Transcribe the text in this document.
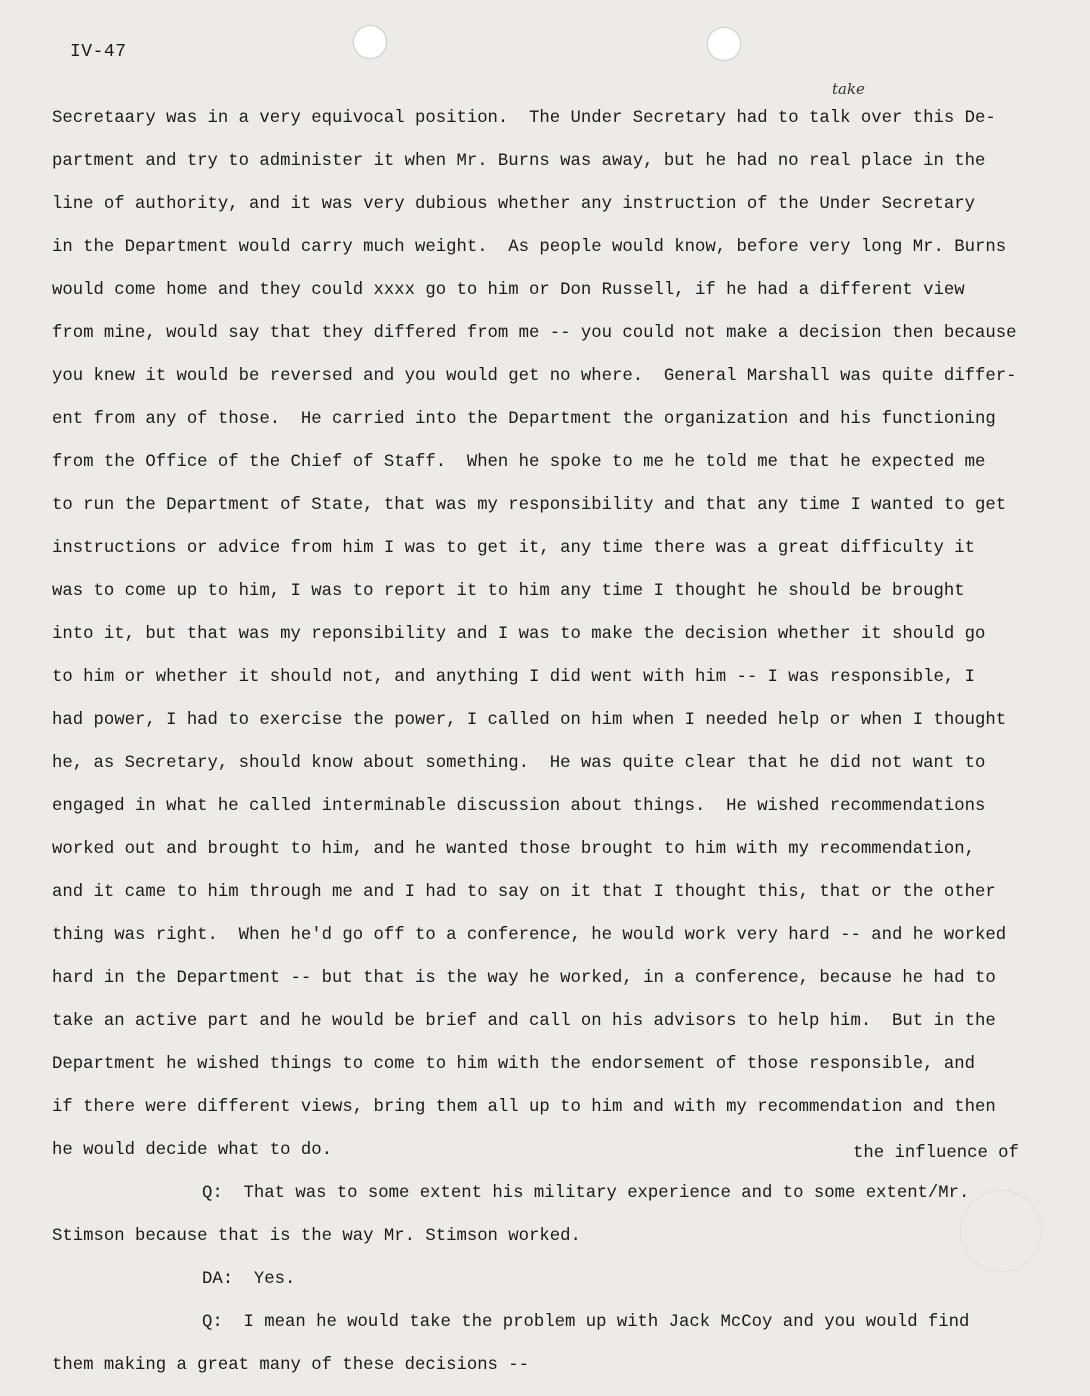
IV-47
take
Secretaary was in a very equivocal position.  The Under Secretary had to talk over this De-
partment and try to administer it when Mr. Burns was away, but he had no real place in the
line of authority, and it was very dubious whether any instruction of the Under Secretary
in the Department would carry much weight.  As people would know, before very long Mr. Burns
would come home and they could xxxx go to him or Don Russell, if he had a different view
from mine, would say that they differed from me -- you could not make a decision then because
you knew it would be reversed and you would get no where.  General Marshall was quite differ-
ent from any of those.  He carried into the Department the organization and his functioning
from the Office of the Chief of Staff.  When he spoke to me he told me that he expected me
to run the Department of State, that was my responsibility and that any time I wanted to get
instructions or advice from him I was to get it, any time there was a great difficulty it
was to come up to him, I was to report it to him any time I thought he should be brought
into it, but that was my reponsibility and I was to make the decision whether it should go
to him or whether it should not, and anything I did went with him -- I was responsible, I
had power, I had to exercise the power, I called on him when I needed help or when I thought
he, as Secretary, should know about something.  He was quite clear that he did not want to
engaged in what he called interminable discussion about things.  He wished recommendations
worked out and brought to him, and he wanted those brought to him with my recommendation,
and it came to him through me and I had to say on it that I thought this, that or the other
thing was right.  When he'd go off to a conference, he would work very hard -- and he worked
hard in the Department -- but that is the way he worked, in a conference, because he had to
take an active part and he would be brief and call on his advisors to help him.  But in the
Department he wished things to come to him with the endorsement of those responsible, and
if there were different views, bring them all up to him and with my recommendation and then
he would decide what to do.
Q:  That was to some extent his military experience and to some extent/Mr.
Stimson because that is the way Mr. Stimson worked.
DA:  Yes.
Q:  I mean he would take the problem up with Jack McCoy and you would find
them making a great many of these decisions --
the influence of
